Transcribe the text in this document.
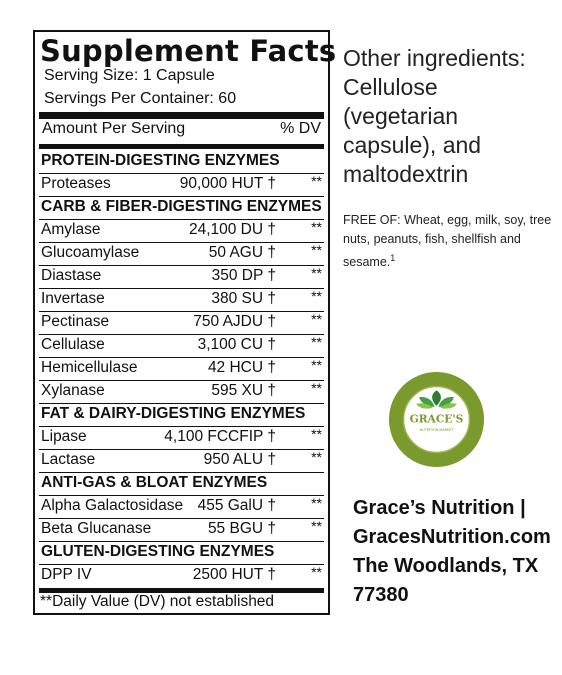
Supplement Facts
Serving Size: 1 Capsule
Servings Per Container: 60
Amount Per Serving	% DV
PROTEIN-DIGESTING ENZYMES
Proteases	90,000 HUT †	**
CARB & FIBER-DIGESTING ENZYMES
Amylase	24,100 DU †	**
Glucoamylase	50 AGU †	**
Diastase	350 DP †	**
Invertase	380 SU †	**
Pectinase	750 AJDU †	**
Cellulase	3,100 CU †	**
Hemicellulase	42 HCU †	**
Xylanase	595 XU †	**
FAT & DAIRY-DIGESTING ENZYMES
Lipase	4,100 FCCFIP †	**
Lactase	950 ALU †	**
ANTI-GAS & BLOAT ENZYMES
Alpha Galactosidase 455 GalU †	**
Beta Glucanase	55 BGU †	**
GLUTEN-DIGESTING ENZYMES
DPP IV	2500 HUT †	**
**Daily Value (DV) not established
Other ingredients: Cellulose (vegetarian capsule), and maltodextrin
FREE OF: Wheat, egg, milk, soy, tree nuts, peanuts, fish, shellfish and sesame.$^1$
GRACE'S
NUTRITION MARKET
Grace’s Nutrition |
GracesNutrition.com
The Woodlands, TX
77380
